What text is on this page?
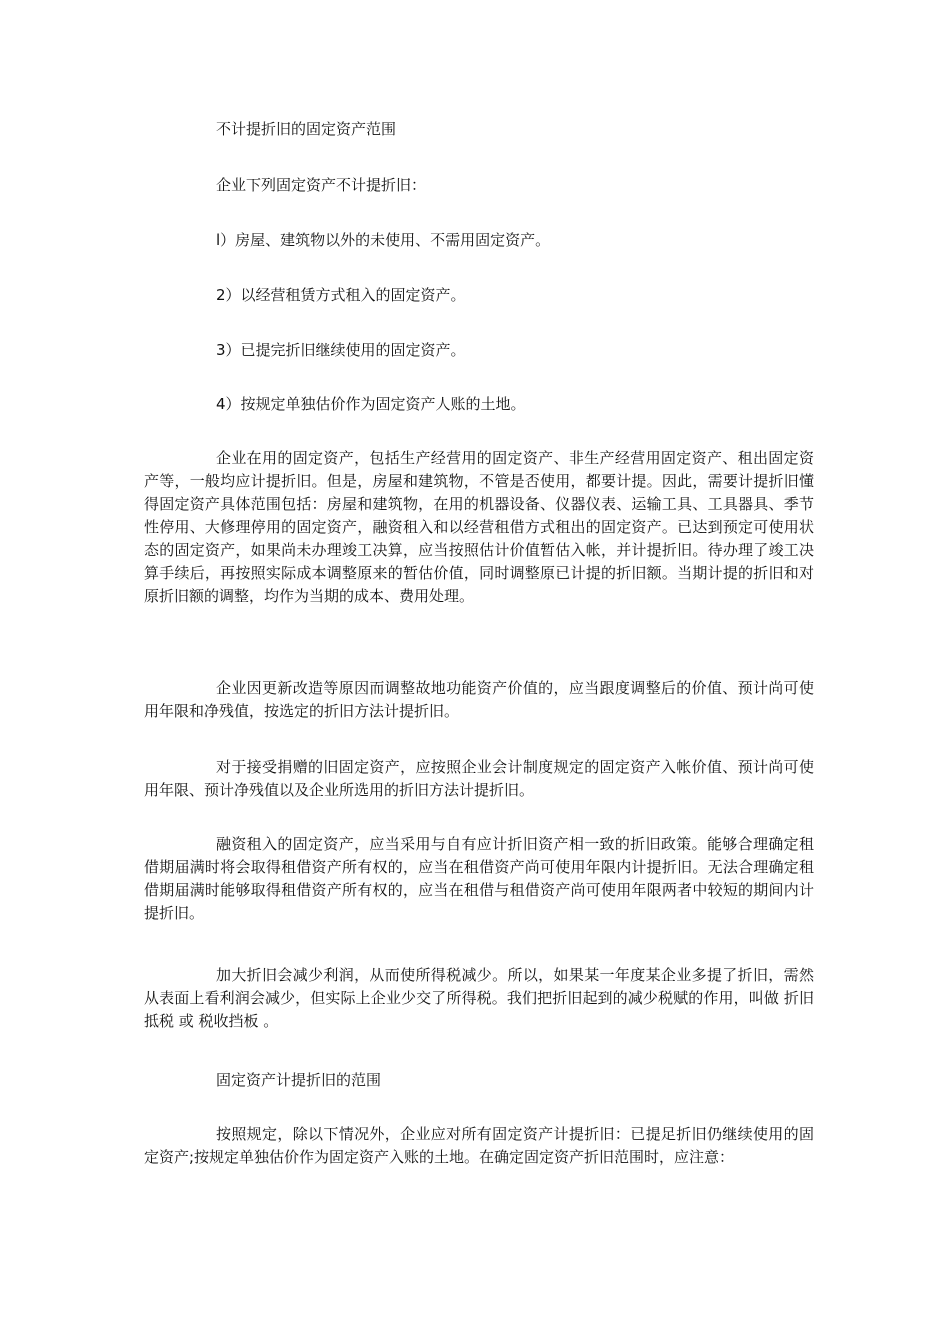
不计提折旧的固定资产范围

企业下列固定资产不计提折旧：

l）房屋、建筑物以外的未使用、不需用固定资产。

2）以经营租赁方式租入的固定资产。

3）已提完折旧继续使用的固定资产。

4）按规定单独估价作为固定资产人账的土地。

企业在用的固定资产，包括生产经营用的固定资产、非生产经营用固定资产、租出固定资产等，一般均应计提折旧。但是，房屋和建筑物，不管是否使用，都要计提。因此，需要计提折旧懂得固定资产具体范围包括：房屋和建筑物，在用的机器设备、仪器仪表、运输工具、工具器具、季节性停用、大修理停用的固定资产，融资租入和以经营租借方式租出的固定资产。已达到预定可使用状态的固定资产，如果尚未办理竣工决算，应当按照估计价值暂估入帐，并计提折旧。待办理了竣工决算手续后，再按照实际成本调整原来的暂估价值，同时调整原已计提的折旧额。当期计提的折旧和对原折旧额的调整，均作为当期的成本、费用处理。

企业因更新改造等原因而调整故地功能资产价值的，应当跟度调整后的价值、预计尚可使用年限和净残值，按选定的折旧方法计提折旧。

对于接受捐赠的旧固定资产，应按照企业会计制度规定的固定资产入帐价值、预计尚可使用年限、预计净残值以及企业所选用的折旧方法计提折旧。

融资租入的固定资产，应当采用与自有应计折旧资产相一致的折旧政策。能够合理确定租借期届满时将会取得租借资产所有权的，应当在租借资产尚可使用年限内计提折旧。无法合理确定租借期届满时能够取得租借资产所有权的，应当在租借与租借资产尚可使用年限两者中较短的期间内计提折旧。

加大折旧会减少利润，从而使所得税减少。所以，如果某一年度某企业多提了折旧，需然从表面上看利润会减少，但实际上企业少交了所得税。我们把折旧起到的减少税赋的作用，叫做 折旧抵税 或 税收挡板 。

固定资产计提折旧的范围

按照规定，除以下情况外，企业应对所有固定资产计提折旧：已提足折旧仍继续使用的固定资产;按规定单独估价作为固定资产入账的土地。在确定固定资产折旧范围时，应注意：
